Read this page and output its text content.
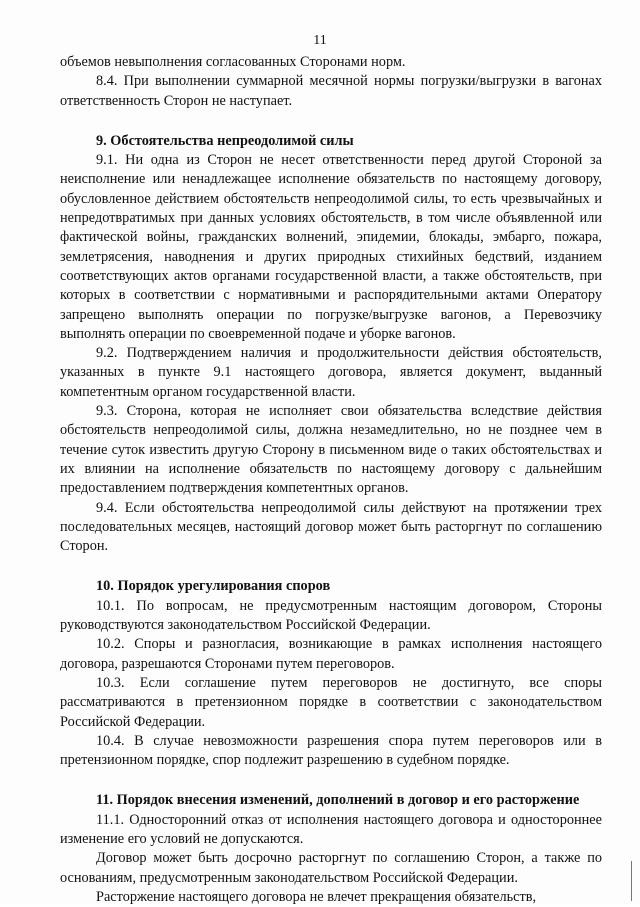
11

объемов невыполнения согласованных Сторонами норм.

8.4. При выполнении суммарной месячной нормы погрузки/выгрузки в вагонах ответственность Сторон не наступает.

9. Обстоятельства непреодолимой силы

9.1. Ни одна из Сторон не несет ответственности перед другой Стороной за неисполнение или ненадлежащее исполнение обязательств по настоящему договору, обусловленное действием обстоятельств непреодолимой силы, то есть чрезвычайных и непредотвратимых при данных условиях обстоятельств, в том числе объявленной или фактической войны, гражданских волнений, эпидемии, блокады, эмбарго, пожара, землетрясения, наводнения и других природных стихийных бедствий, изданием соответствующих актов органами государственной власти, а также обстоятельств, при которых в соответствии с нормативными и распорядительными актами Оператору запрещено выполнять операции по погрузке/выгрузке вагонов, а Перевозчику выполнять операции по своевременной подаче и уборке вагонов.

9.2. Подтверждением наличия и продолжительности действия обстоятельств, указанных в пункте 9.1 настоящего договора, является документ, выданный компетентным органом государственной власти.

9.3. Сторона, которая не исполняет свои обязательства вследствие действия обстоятельств непреодолимой силы, должна незамедлительно, но не позднее чем в течение суток известить другую Сторону в письменном виде о таких обстоятельствах и их влиянии на исполнение обязательств по настоящему договору с дальнейшим предоставлением подтверждения компетентных органов.

9.4. Если обстоятельства непреодолимой силы действуют на протяжении трех последовательных месяцев, настоящий договор может быть расторгнут по соглашению Сторон.

10. Порядок урегулирования споров

10.1. По вопросам, не предусмотренным настоящим договором, Стороны руководствуются законодательством Российской Федерации.

10.2. Споры и разногласия, возникающие в рамках исполнения настоящего договора, разрешаются Сторонами путем переговоров.

10.3. Если соглашение путем переговоров не достигнуто, все споры рассматриваются в претензионном порядке в соответствии с законодательством Российской Федерации.

10.4. В случае невозможности разрешения спора путем переговоров или в претензионном порядке, спор подлежит разрешению в судебном порядке.

11. Порядок внесения изменений, дополнений в договор и его расторжение

11.1. Односторонний отказ от исполнения настоящего договора и одностороннее изменение его условий не допускаются.

Договор может быть досрочно расторгнут по соглашению Сторон, а также по основаниям, предусмотренным законодательством Российской Федерации.

Расторжение настоящего договора не влечет прекращения обязательств,
